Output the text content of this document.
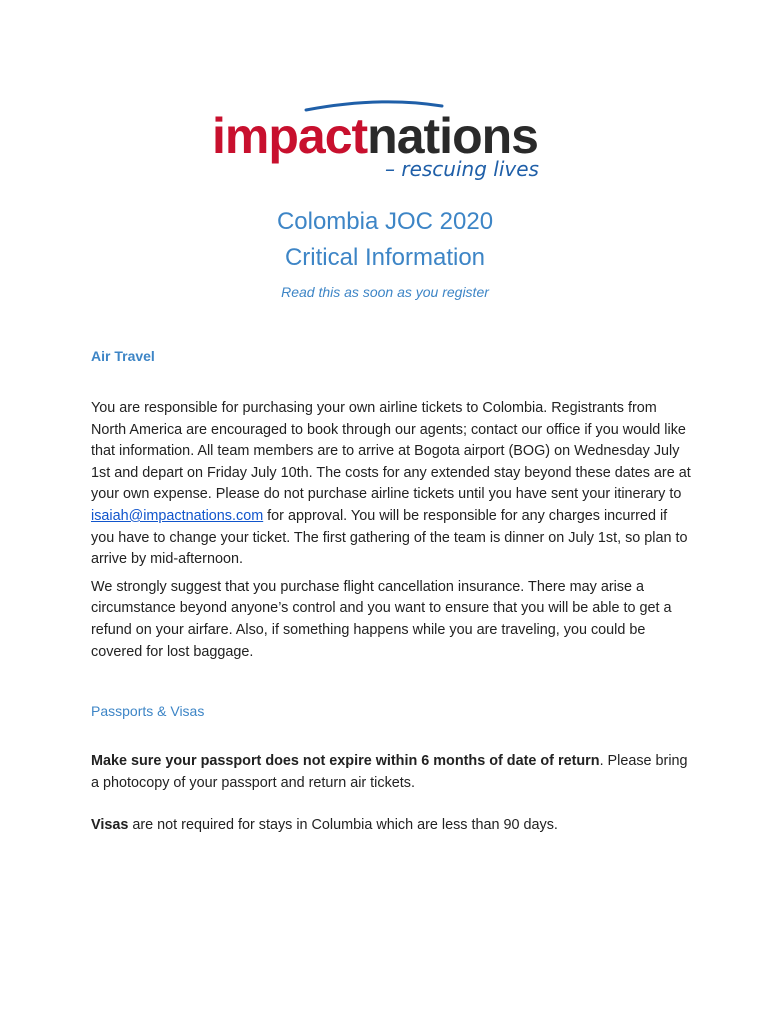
impactnations
– rescuing lives
Colombia JOC 2020
Critical Information
Read this as soon as you register
Air Travel

You are responsible for purchasing your own airline tickets to Colombia. Registrants from North America are encouraged to book through our agents; contact our office if you would like that information. All team members are to arrive at Bogota airport (BOG) on Wednesday July 1st and depart on Friday July 10th. The costs for any extended stay beyond these dates are at your own expense. Please do not purchase airline tickets until you have sent your itinerary to isaiah@impactnations.com for approval. You will be responsible for any charges incurred if you have to change your ticket. The first gathering of the team is dinner on July 1st, so plan to arrive by mid-afternoon.

We strongly suggest that you purchase flight cancellation insurance. There may arise a circumstance beyond anyone’s control and you want to ensure that you will be able to get a refund on your airfare. Also, if something happens while you are traveling, you could be covered for lost baggage.

Passports & Visas

Make sure your passport does not expire within 6 months of date of return. Please bring a photocopy of your passport and return air tickets.

Visas are not required for stays in Columbia which are less than 90 days.
